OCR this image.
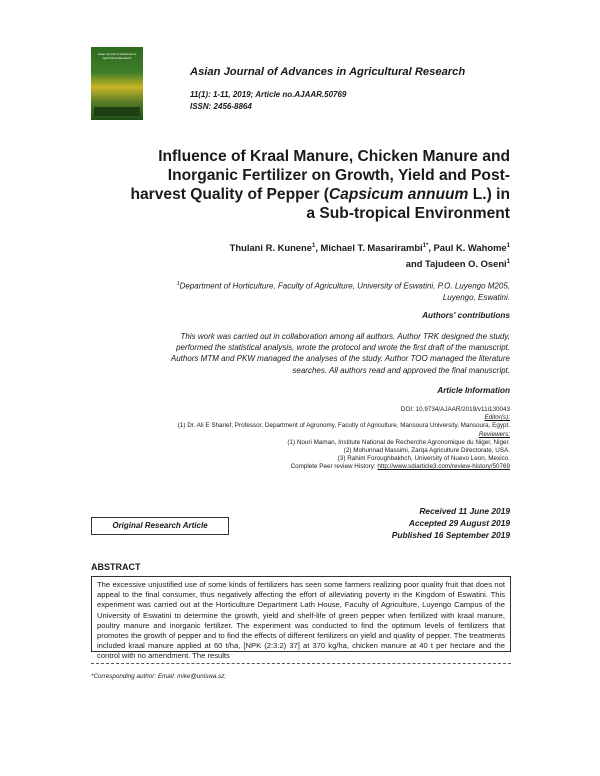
Asian Journal of Advances in Agricultural Research
Asian Journal of Advances in Agricultural Research
11(1): 1-11, 2019; Article no.AJAAR.50769
ISSN: 2456-8864
Influence of Kraal Manure, Chicken Manure and
Inorganic Fertilizer on Growth, Yield and Post-
harvest Quality of Pepper (Capsicum annuum L.) in
a Sub-tropical Environment
Thulani R. Kunene$^1$, Michael T. Masarirambi$^{1*}$, Paul K. Wahome$^1$
and Tajudeen O. Oseni$^1$
$^1$Department of Horticulture, Faculty of Agriculture, University of Eswatini, P.O. Luyengo M205,
Luyengo, Eswatini.
Authors' contributions
This work was carried out in collaboration among all authors. Author TRK designed the study,
performed the statistical analysis, wrote the protocol and wrote the first draft of the manuscript.
Authors MTM and PKW managed the analyses of the study. Author TOO managed the literature
searches. All authors read and approved the final manuscript.
Article Information
DOI: 10.9734/AJAAR/2019/v11i130043
Editor(s):
(1) Dr. Ali E Sharief, Professor, Department of Agronomy, Faculty of Agriculture, Mansoura University, Mansoura, Egypt.
Reviewers:
(1) Nouri Maman, Institute National de Recherche Agronomique du Niger, Niger.
(2) Mohunnad Massimi, Zarqa Agriculture Directorate, USA.
(3) Rahim Foroughbakhch, University of Nuevo Leon, Mexico.
Complete Peer review History: http://www.sdiarticle3.com/review-history/50769
Original Research Article
Received 11 June 2019
Accepted 29 August 2019
Published 16 September 2019
ABSTRACT
The excessive unjustified use of some kinds of fertilizers has seen some farmers realizing poor quality fruit that does not appeal to the final consumer, thus negatively affecting the effort of alleviating poverty in the Kingdom of Eswatini. This experiment was carried out at the Horticulture Department Lath House, Faculty of Agriculture, Luyengo Campus of the University of Eswatini to determine the growth, yield and shelf-life of green pepper when fertilized with kraal manure, poultry manure and inorganic fertilizer. The experiment was conducted to find the optimum levels of fertilizers that promotes the growth of pepper and to find the effects of different fertilizers on yield and quality of pepper. The treatments included kraal manure applied at 60 t/ha, [NPK (2:3:2) 37] at 370 kg/ha, chicken manure at 40 t per hectare and the control with no amendment. The results
*Corresponding author: Email: mike@uniswa.sz;
